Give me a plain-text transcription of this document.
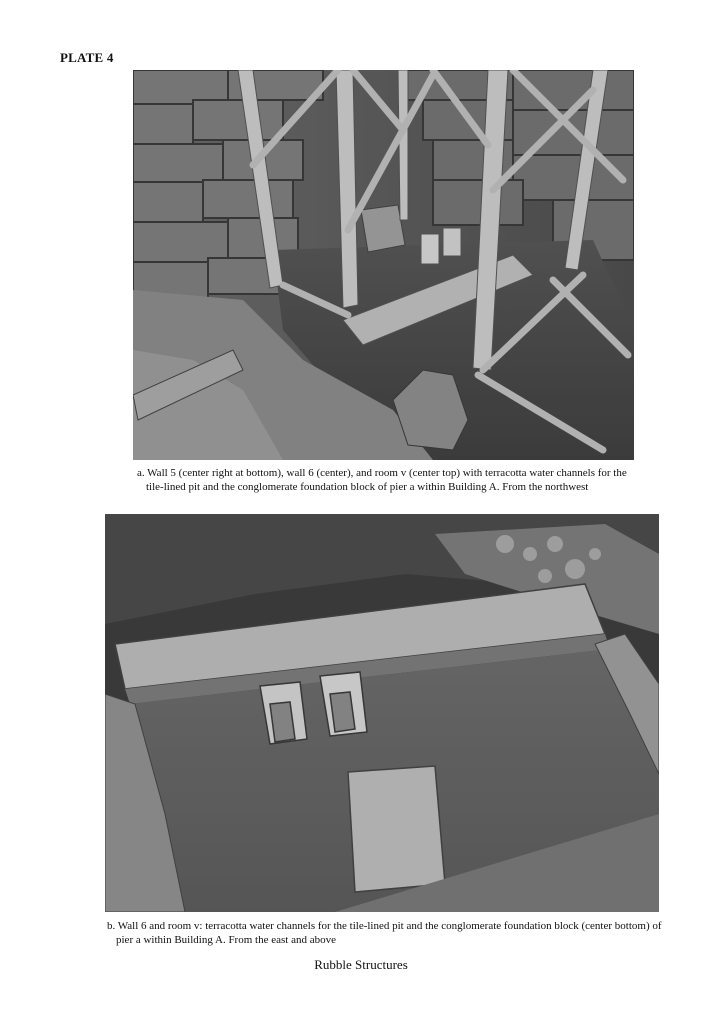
PLATE 4
a. Wall 5 (center right at bottom), wall 6 (center), and room v (center top) with terracotta water channels for the tile-lined pit and the conglomerate foundation block of pier a within Building A. From the northwest
b. Wall 6 and room v: terracotta water channels for the tile-lined pit and the conglomerate foundation block (center bottom) of pier a within Building A. From the east and above
Rubble Structures
